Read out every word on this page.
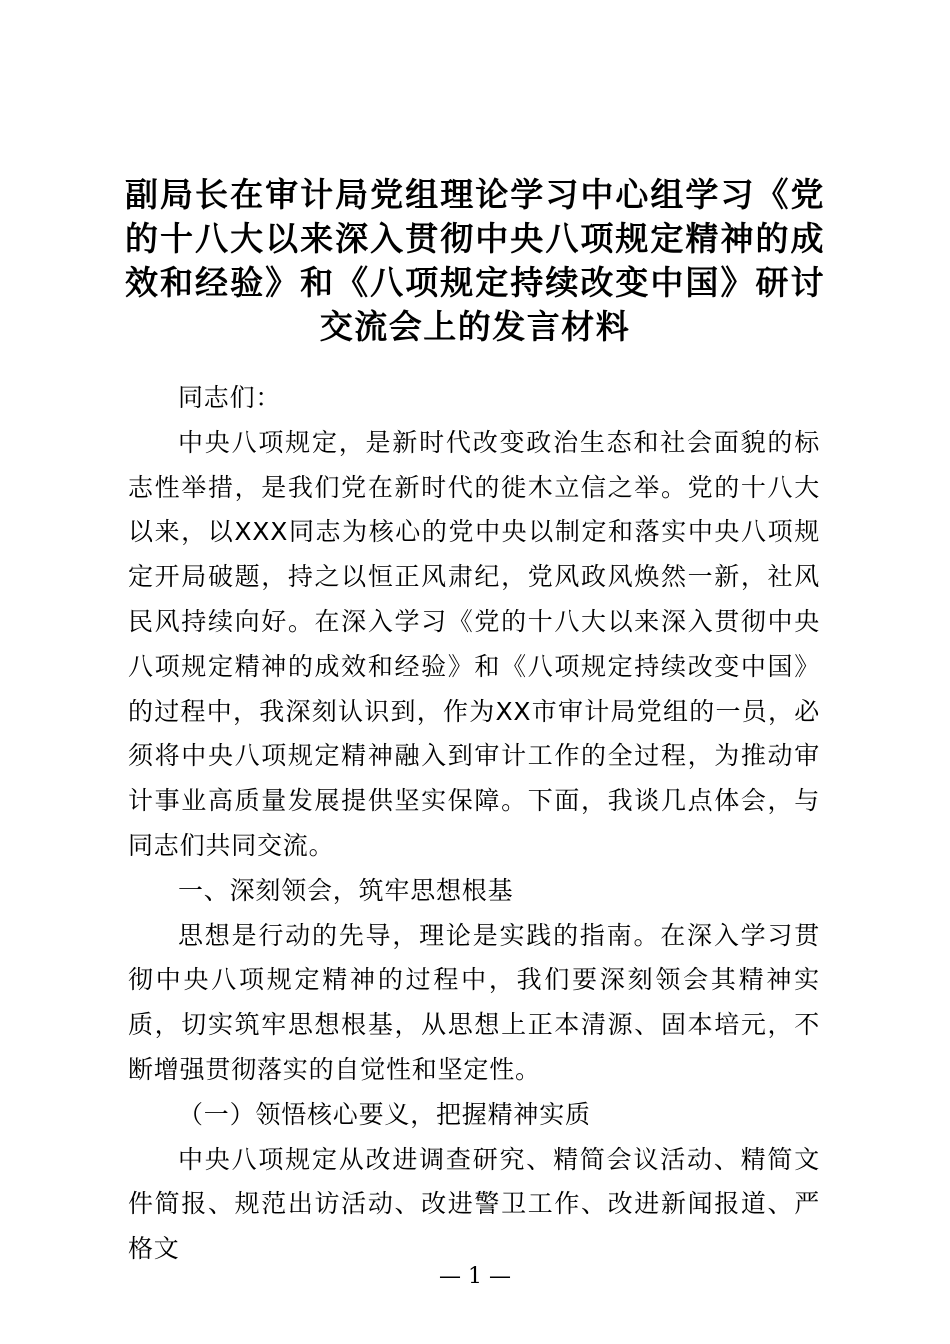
副局长在审计局党组理论学习中心组学习《党的十八大以来深入贯彻中央八项规定精神的成效和经验》和《八项规定持续改变中国》研讨交流会上的发言材料

同志们：

中央八项规定，是新时代改变政治生态和社会面貌的标志性举措，是我们党在新时代的徙木立信之举。党的十八大以来，以XXX同志为核心的党中央以制定和落实中央八项规定开局破题，持之以恒正风肃纪，党风政风焕然一新，社风民风持续向好。在深入学习《党的十八大以来深入贯彻中央八项规定精神的成效和经验》和《八项规定持续改变中国》的过程中，我深刻认识到，作为XX市审计局党组的一员，必须将中央八项规定精神融入到审计工作的全过程，为推动审计事业高质量发展提供坚实保障。下面，我谈几点体会，与同志们共同交流。

一、深刻领会，筑牢思想根基

思想是行动的先导，理论是实践的指南。在深入学习贯彻中央八项规定精神的过程中，我们要深刻领会其精神实质，切实筑牢思想根基，从思想上正本清源、固本培元，不断增强贯彻落实的自觉性和坚定性。

（一）领悟核心要义，把握精神实质

中央八项规定从改进调查研究、精简会议活动、精简文件简报、规范出访活动、改进警卫工作、改进新闻报道、严格文

— 1 —
